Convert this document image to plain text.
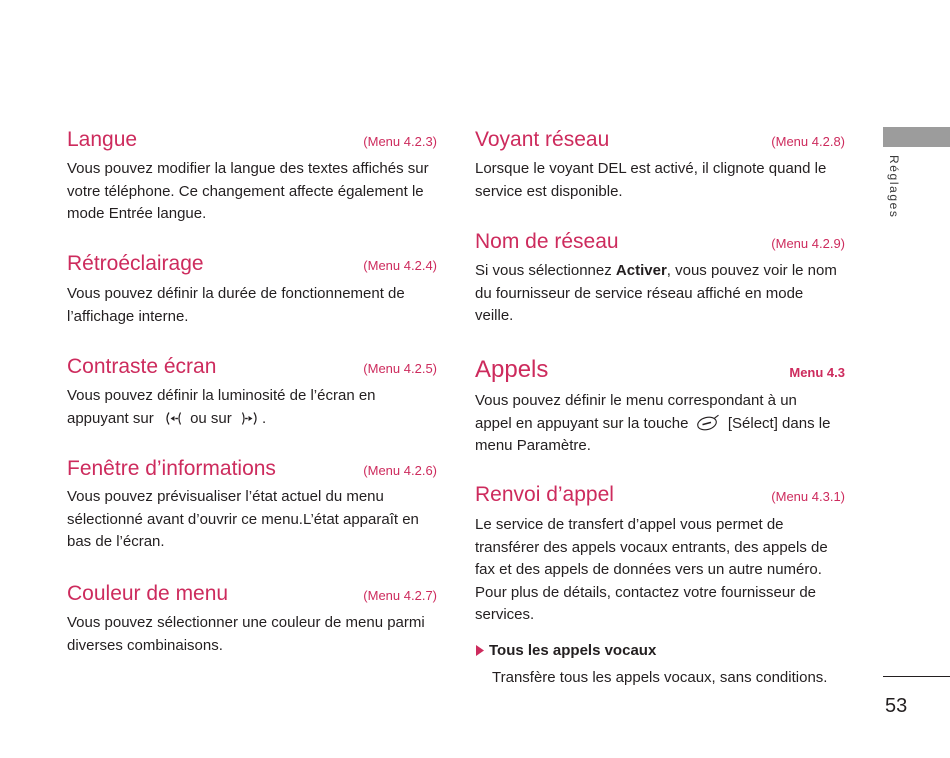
Langue	(Menu 4.2.3)
Vous pouvez modifier la langue des textes affichés sur
votre téléphone. Ce changement affecte également le
mode Entrée langue.
Rétroéclairage	(Menu 4.2.4)
Vous pouvez définir la durée de fonctionnement de
l’affichage interne.
Contraste écran	(Menu 4.2.5)
Vous pouvez définir la luminosité de l’écran en
appuyant sur ou sur .
Fenêtre d’informations	(Menu 4.2.6)
Vous pouvez prévisualiser l’état actuel du menu
sélectionné avant d’ouvrir ce menu.L’état apparaît en
bas de l’écran.
Couleur de menu	(Menu 4.2.7)
Vous pouvez sélectionner une couleur de menu parmi
diverses combinaisons.
Voyant réseau	(Menu 4.2.8)
Lorsque le voyant DEL est activé, il clignote quand le
service est disponible.
Nom de réseau	(Menu 4.2.9)
Si vous sélectionnez Activer, vous pouvez voir le nom
du fournisseur de service réseau affiché en mode
veille.
Appels	Menu 4.3
Vous pouvez définir le menu correspondant à un
appel en appuyant sur la touche	[Sélect] dans le
menu Paramètre.
Renvoi d’appel	(Menu 4.3.1)
Le service de transfert d’appel vous permet de
transférer des appels vocaux entrants, des appels de
fax et des appels de données vers un autre numéro.
Pour plus de détails, contactez votre fournisseur de
services.
Tous les appels vocaux
Transfère tous les appels vocaux, sans conditions.
Réglages
53
